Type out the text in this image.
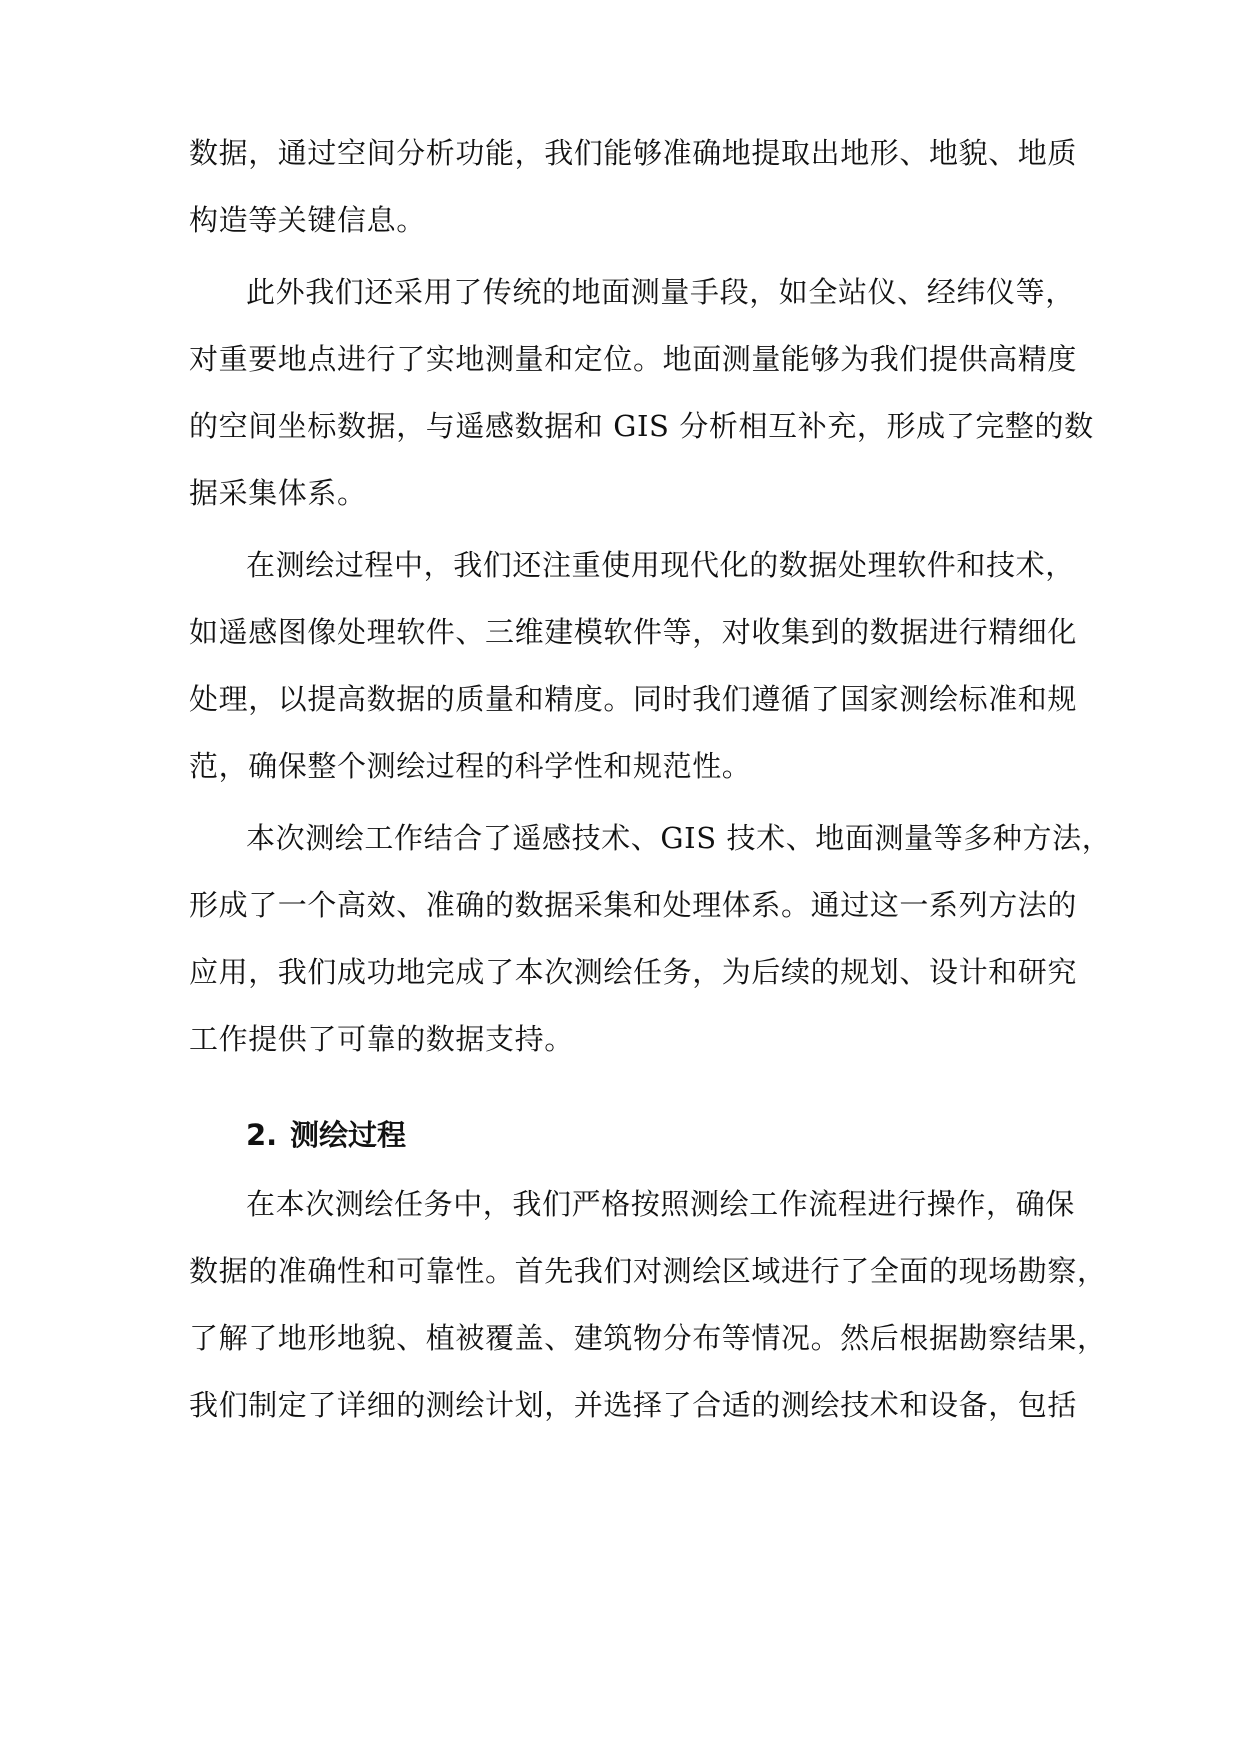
数据，通过空间分析功能，我们能够准确地提取出地形、地貌、地质
构造等关键信息。
此外我们还采用了传统的地面测量手段，如全站仪、经纬仪等，
对重要地点进行了实地测量和定位。地面测量能够为我们提供高精度
的空间坐标数据，与遥感数据和 GIS 分析相互补充，形成了完整的数
据采集体系。
在测绘过程中，我们还注重使用现代化的数据处理软件和技术，
如遥感图像处理软件、三维建模软件等，对收集到的数据进行精细化
处理，以提高数据的质量和精度。同时我们遵循了国家测绘标准和规
范，确保整个测绘过程的科学性和规范性。
本次测绘工作结合了遥感技术、GIS 技术、地面测量等多种方法，
形成了一个高效、准确的数据采集和处理体系。通过这一系列方法的
应用，我们成功地完成了本次测绘任务，为后续的规划、设计和研究
工作提供了可靠的数据支持。
2. 测绘过程
在本次测绘任务中，我们严格按照测绘工作流程进行操作，确保
数据的准确性和可靠性。首先我们对测绘区域进行了全面的现场勘察，
了解了地形地貌、植被覆盖、建筑物分布等情况。然后根据勘察结果，
我们制定了详细的测绘计划，并选择了合适的测绘技术和设备，包括
